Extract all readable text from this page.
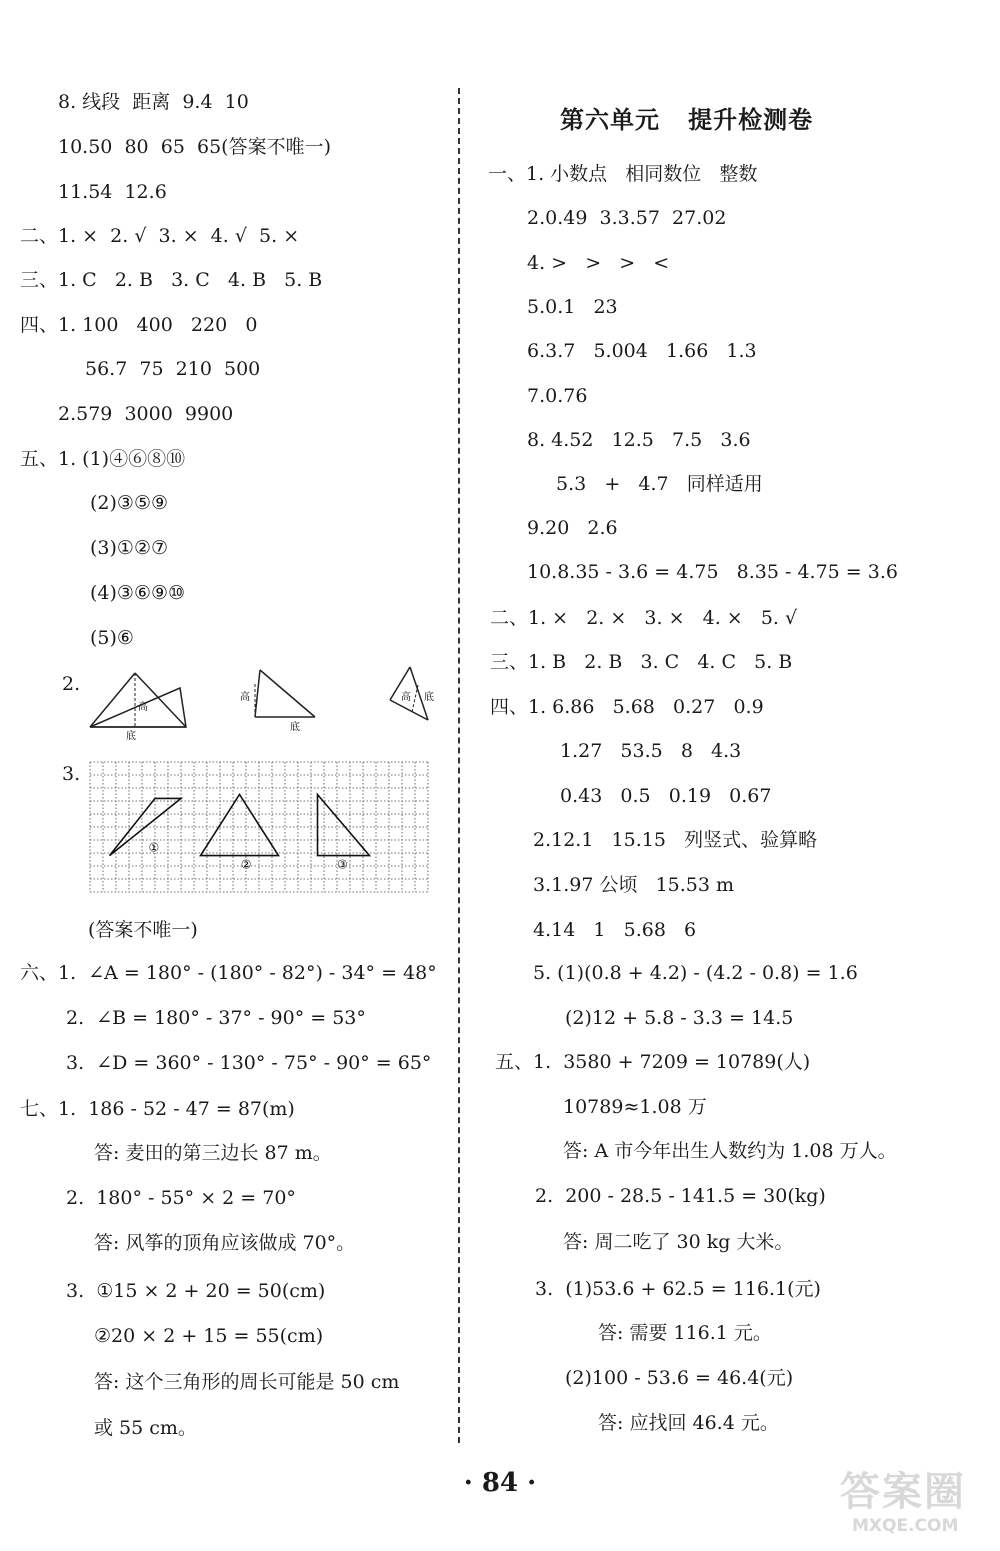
8. 线段  距离  9.4  10
10.50  80  65  65(答案不唯一)
11.54  12.6
二、1. ×  2. √  3. ×  4. √  5. ×
三、1. C   2. B   3. C   4. B   5. B
四、1. 100   400   220   0
56.7  75  210  500
2.579  3000  9900
五、1. (1)④⑥⑧⑩
(2)③⑤⑨
(3)①②⑦
(4)③⑥⑨⑩
(5)⑥
2.
高
底
高
底
高 底
3.
①
②	③
(答案不唯一)
六、1.  ∠A = 180° - (180° - 82°) - 34° = 48°
2.  ∠B = 180° - 37° - 90° = 53°
3.  ∠D = 360° - 130° - 75° - 90° = 65°
七、1.  186 - 52 - 47 = 87(m)
答: 麦田的第三边长 87 m。
2.  180° - 55° × 2 = 70°
答: 风筝的顶角应该做成 70°。
3.  ①15 × 2 + 20 = 50(cm)
②20 × 2 + 15 = 55(cm)
答: 这个三角形的周长可能是 50 cm
或 55 cm。
第六单元   提升检测卷
一、1. 小数点   相同数位   整数
2.0.49  3.3.57  27.02
4. >   >   >   <
5.0.1   23
6.3.7   5.004   1.66   1.3
7.0.76
8. 4.52   12.5   7.5   3.6
5.3   +   4.7   同样适用
9.20   2.6
10.8.35 - 3.6 = 4.75   8.35 - 4.75 = 3.6
二、1. ×   2. ×   3. ×   4. ×   5. √
三、1. B   2. B   3. C   4. C   5. B
四、1. 6.86   5.68   0.27   0.9
1.27   53.5   8   4.3
0.43   0.5   0.19   0.67
2.12.1   15.15   列竖式、验算略
3.1.97 公顷   15.53 m
4.14   1   5.68   6
5. (1)(0.8 + 4.2) - (4.2 - 0.8) = 1.6
(2)12 + 5.8 - 3.3 = 14.5
五、1.  3580 + 7209 = 10789(人)
10789≈1.08 万
答: A 市今年出生人数约为 1.08 万人。
2.  200 - 28.5 - 141.5 = 30(kg)
答: 周二吃了 30 kg 大米。
3.  (1)53.6 + 62.5 = 116.1(元)
答: 需要 116.1 元。
(2)100 - 53.6 = 46.4(元)
答: 应找回 46.4 元。
· 84 ·	答案圈
MXQE.COM
